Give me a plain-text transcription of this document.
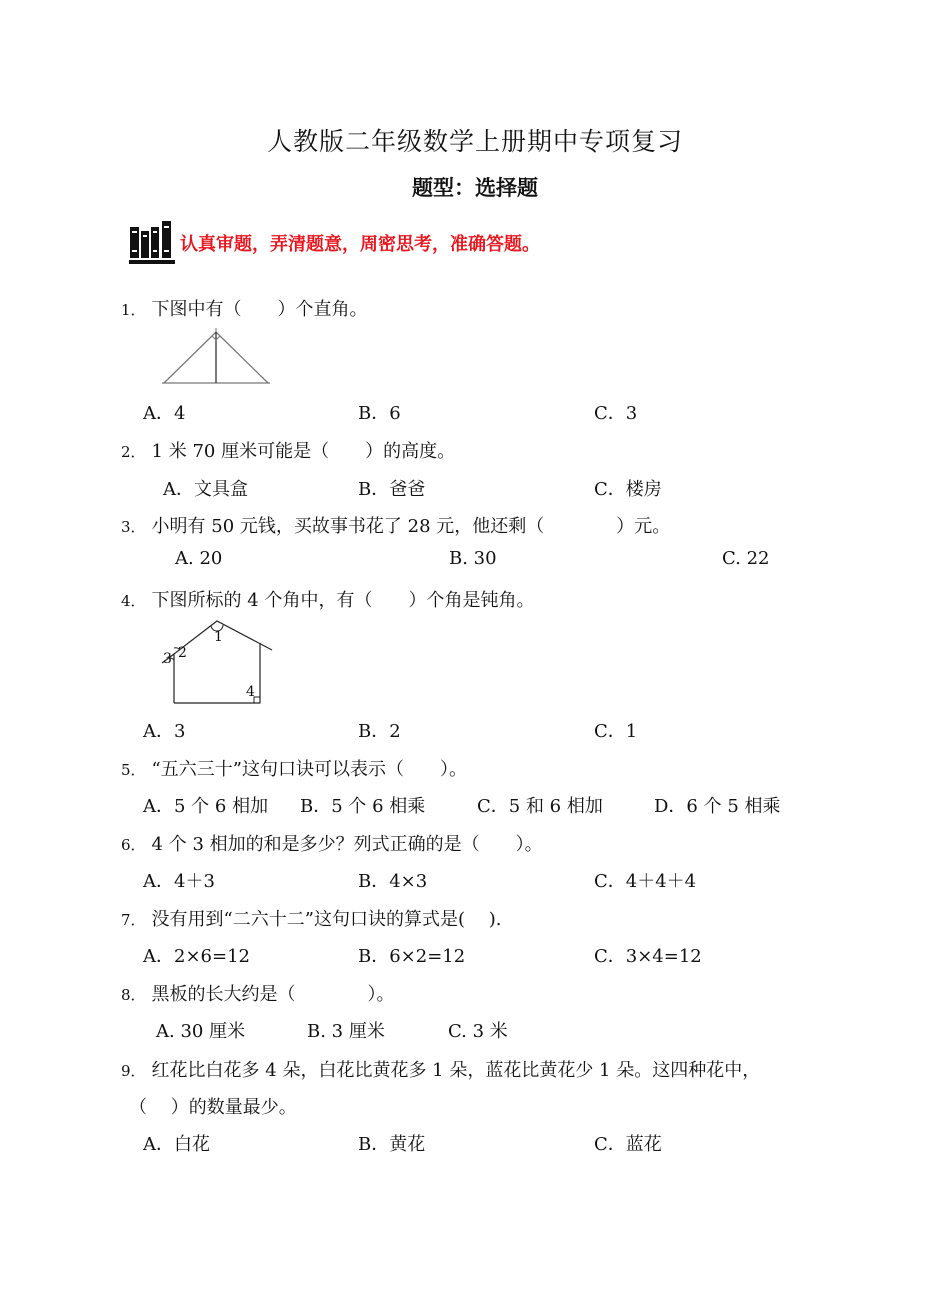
人教版二年级数学上册期中专项复习
题型：选择题
认真审题，弄清题意，周密思考，准确答题。
1． 下图中有（　　）个直角。
A．4	B．6	C．3
2． 1 米 70 厘米可能是（　　）的高度。
A．文具盒	B．爸爸	C．楼房
3． 小明有 50 元钱，买故事书花了 28 元，他还剩（　　　　）元。
A. 20	B. 30	C. 22
4． 下图所标的 4 个角中，有（　　）个角是钝角。
1
2
3
4
A．3	B．2	C．1
5． “五六三十”这句口诀可以表示（　　）。
A．5 个 6 相加 B．5 个 6 相乘	C．5 和 6 相加	D．6 个 5 相乘
6． 4 个 3 相加的和是多少？列式正确的是（　　）。
A．4＋3	B．4×3	C．4＋4＋4
7． 没有用到“二六十二”这句口诀的算式是(　 ).
A．2×6=12	B．6×2=12	C．3×4=12
8． 黑板的长大约是（　　　　）。
A. 30 厘米	B. 3 厘米	C. 3 米
9． 红花比白花多 4 朵，白花比黄花多 1 朵，蓝花比黄花少 1 朵。这四种花中，
（　 ）的数量最少。
A．白花	B．黄花	C．蓝花
